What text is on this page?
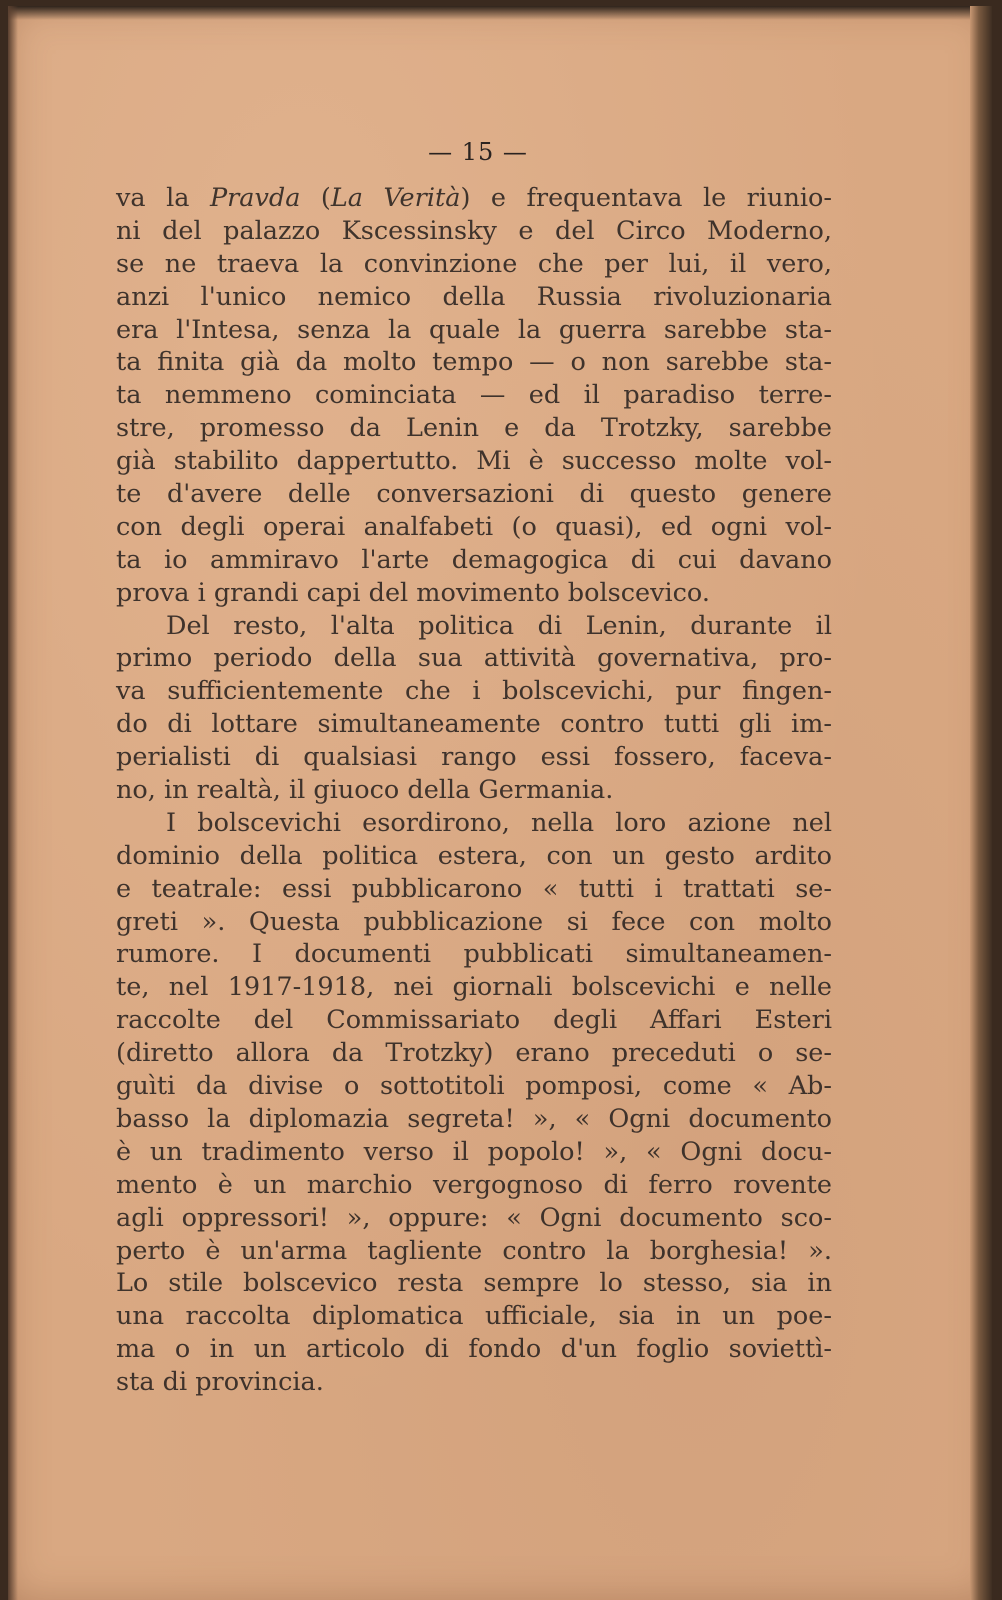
— 15 —
va la Pravda (La Verità) e frequentava le riunio-
ni del palazzo Kscessinsky e del Circo Moderno,
se ne traeva la convinzione che per lui, il vero,
anzi l'unico nemico della Russia rivoluzionaria
era l'Intesa, senza la quale la guerra sarebbe sta-
ta finita già da molto tempo — o non sarebbe sta-
ta nemmeno cominciata — ed il paradiso terre-
stre, promesso da Lenin e da Trotzky, sarebbe
già stabilito dappertutto. Mi è successo molte vol-
te d'avere delle conversazioni di questo genere
con degli operai analfabeti (o quasi), ed ogni vol-
ta io ammiravo l'arte demagogica di cui davano
prova i grandi capi del movimento bolscevico.
Del resto, l'alta politica di Lenin, durante il
primo periodo della sua attività governativa, pro-
va sufficientemente che i bolscevichi, pur fingen-
do di lottare simultaneamente contro tutti gli im-
perialisti di qualsiasi rango essi fossero, faceva-
no, in realtà, il giuoco della Germania.
I bolscevichi esordirono, nella loro azione nel
dominio della politica estera, con un gesto ardito
e teatrale: essi pubblicarono « tutti i trattati se-
greti ». Questa pubblicazione si fece con molto
rumore. I documenti pubblicati simultaneamen-
te, nel 1917-1918, nei giornali bolscevichi e nelle
raccolte del Commissariato degli Affari Esteri
(diretto allora da Trotzky) erano preceduti o se-
guìti da divise o sottotitoli pomposi, come « Ab-
basso la diplomazia segreta! », « Ogni documento
è un tradimento verso il popolo! », « Ogni docu-
mento è un marchio vergognoso di ferro rovente
agli oppressori! », oppure: « Ogni documento sco-
perto è un'arma tagliente contro la borghesia! ».
Lo stile bolscevico resta sempre lo stesso, sia in
una raccolta diplomatica ufficiale, sia in un poe-
ma o in un articolo di fondo d'un foglio soviettì-
sta di provincia.
